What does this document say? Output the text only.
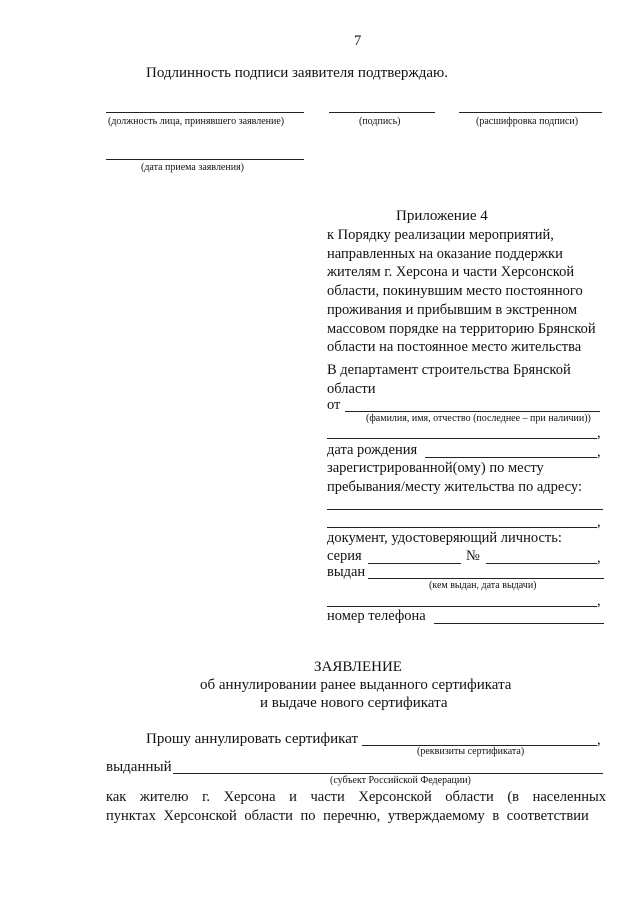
7
Подлинность подписи заявителя подтверждаю.
(должность лица, принявшего заявление)	(подпись)	(расшифровка подписи)
(дата приема заявления)
Приложение 4
к Порядку реализации мероприятий,
направленных на оказание поддержки
жителям г. Херсона и части Херсонской
области, покинувшим место постоянного
проживания и прибывшим в экстренном
массовом порядке на территорию Брянской
области на постоянное место жительства
В департамент строительства Брянской
области
от
(фамилия, имя, отчество (последнее – при наличии))
,
дата рождения	,
зарегистрированной(ому) по месту
пребывания/месту жительства по адресу:
,
документ, удостоверяющий личность:
серия	№	,
выдан
(кем выдан, дата выдачи)
,
номер телефона
ЗАЯВЛЕНИЕ
об аннулировании ранее выданного сертификата
и выдаче нового сертификата
Прошу аннулировать сертификат	,
(реквизиты сертификата)
выданный
(субъект Российской Федерации)
как жителю г. Херсона и части Херсонской области (в населенных пунктах Херсонской области по перечню, утверждаемому в соответствии
